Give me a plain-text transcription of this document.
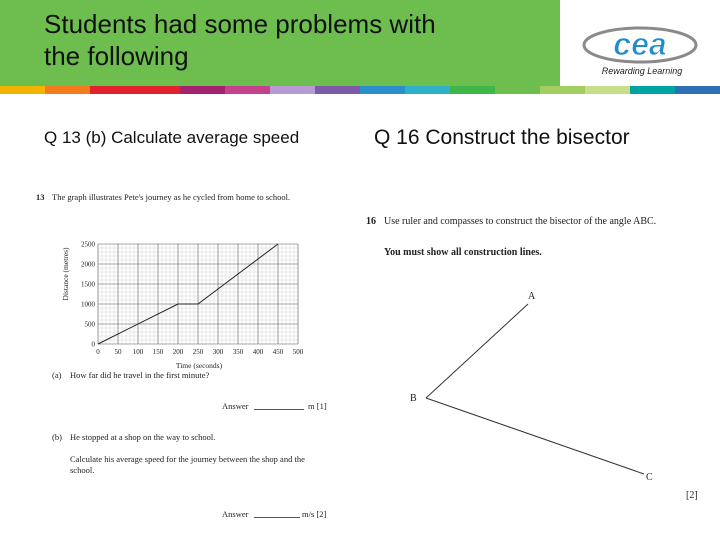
Students had some problems with
the following	cea
Rewarding Learning
Q 13 (b) Calculate average speed	Q 16 Construct the bisector
13 The graph illustrates Pete's journey as he cycled from home to school.
0 50 100 150 200 250 300 350 400 450 500
0
500
1000
1500
2000
2500
Distance (metres)
Time (seconds)
(a) How far did he travel in the first minute?
Answer	m [1]
(b) He stopped at a shop on the way to school.
Calculate his average speed for the journey between the shop and the
school.
Answer	m/s [2]
16 Use ruler and compasses to construct the bisector of the angle ABC.
You must show all construction lines.
A
B
C
[2]
